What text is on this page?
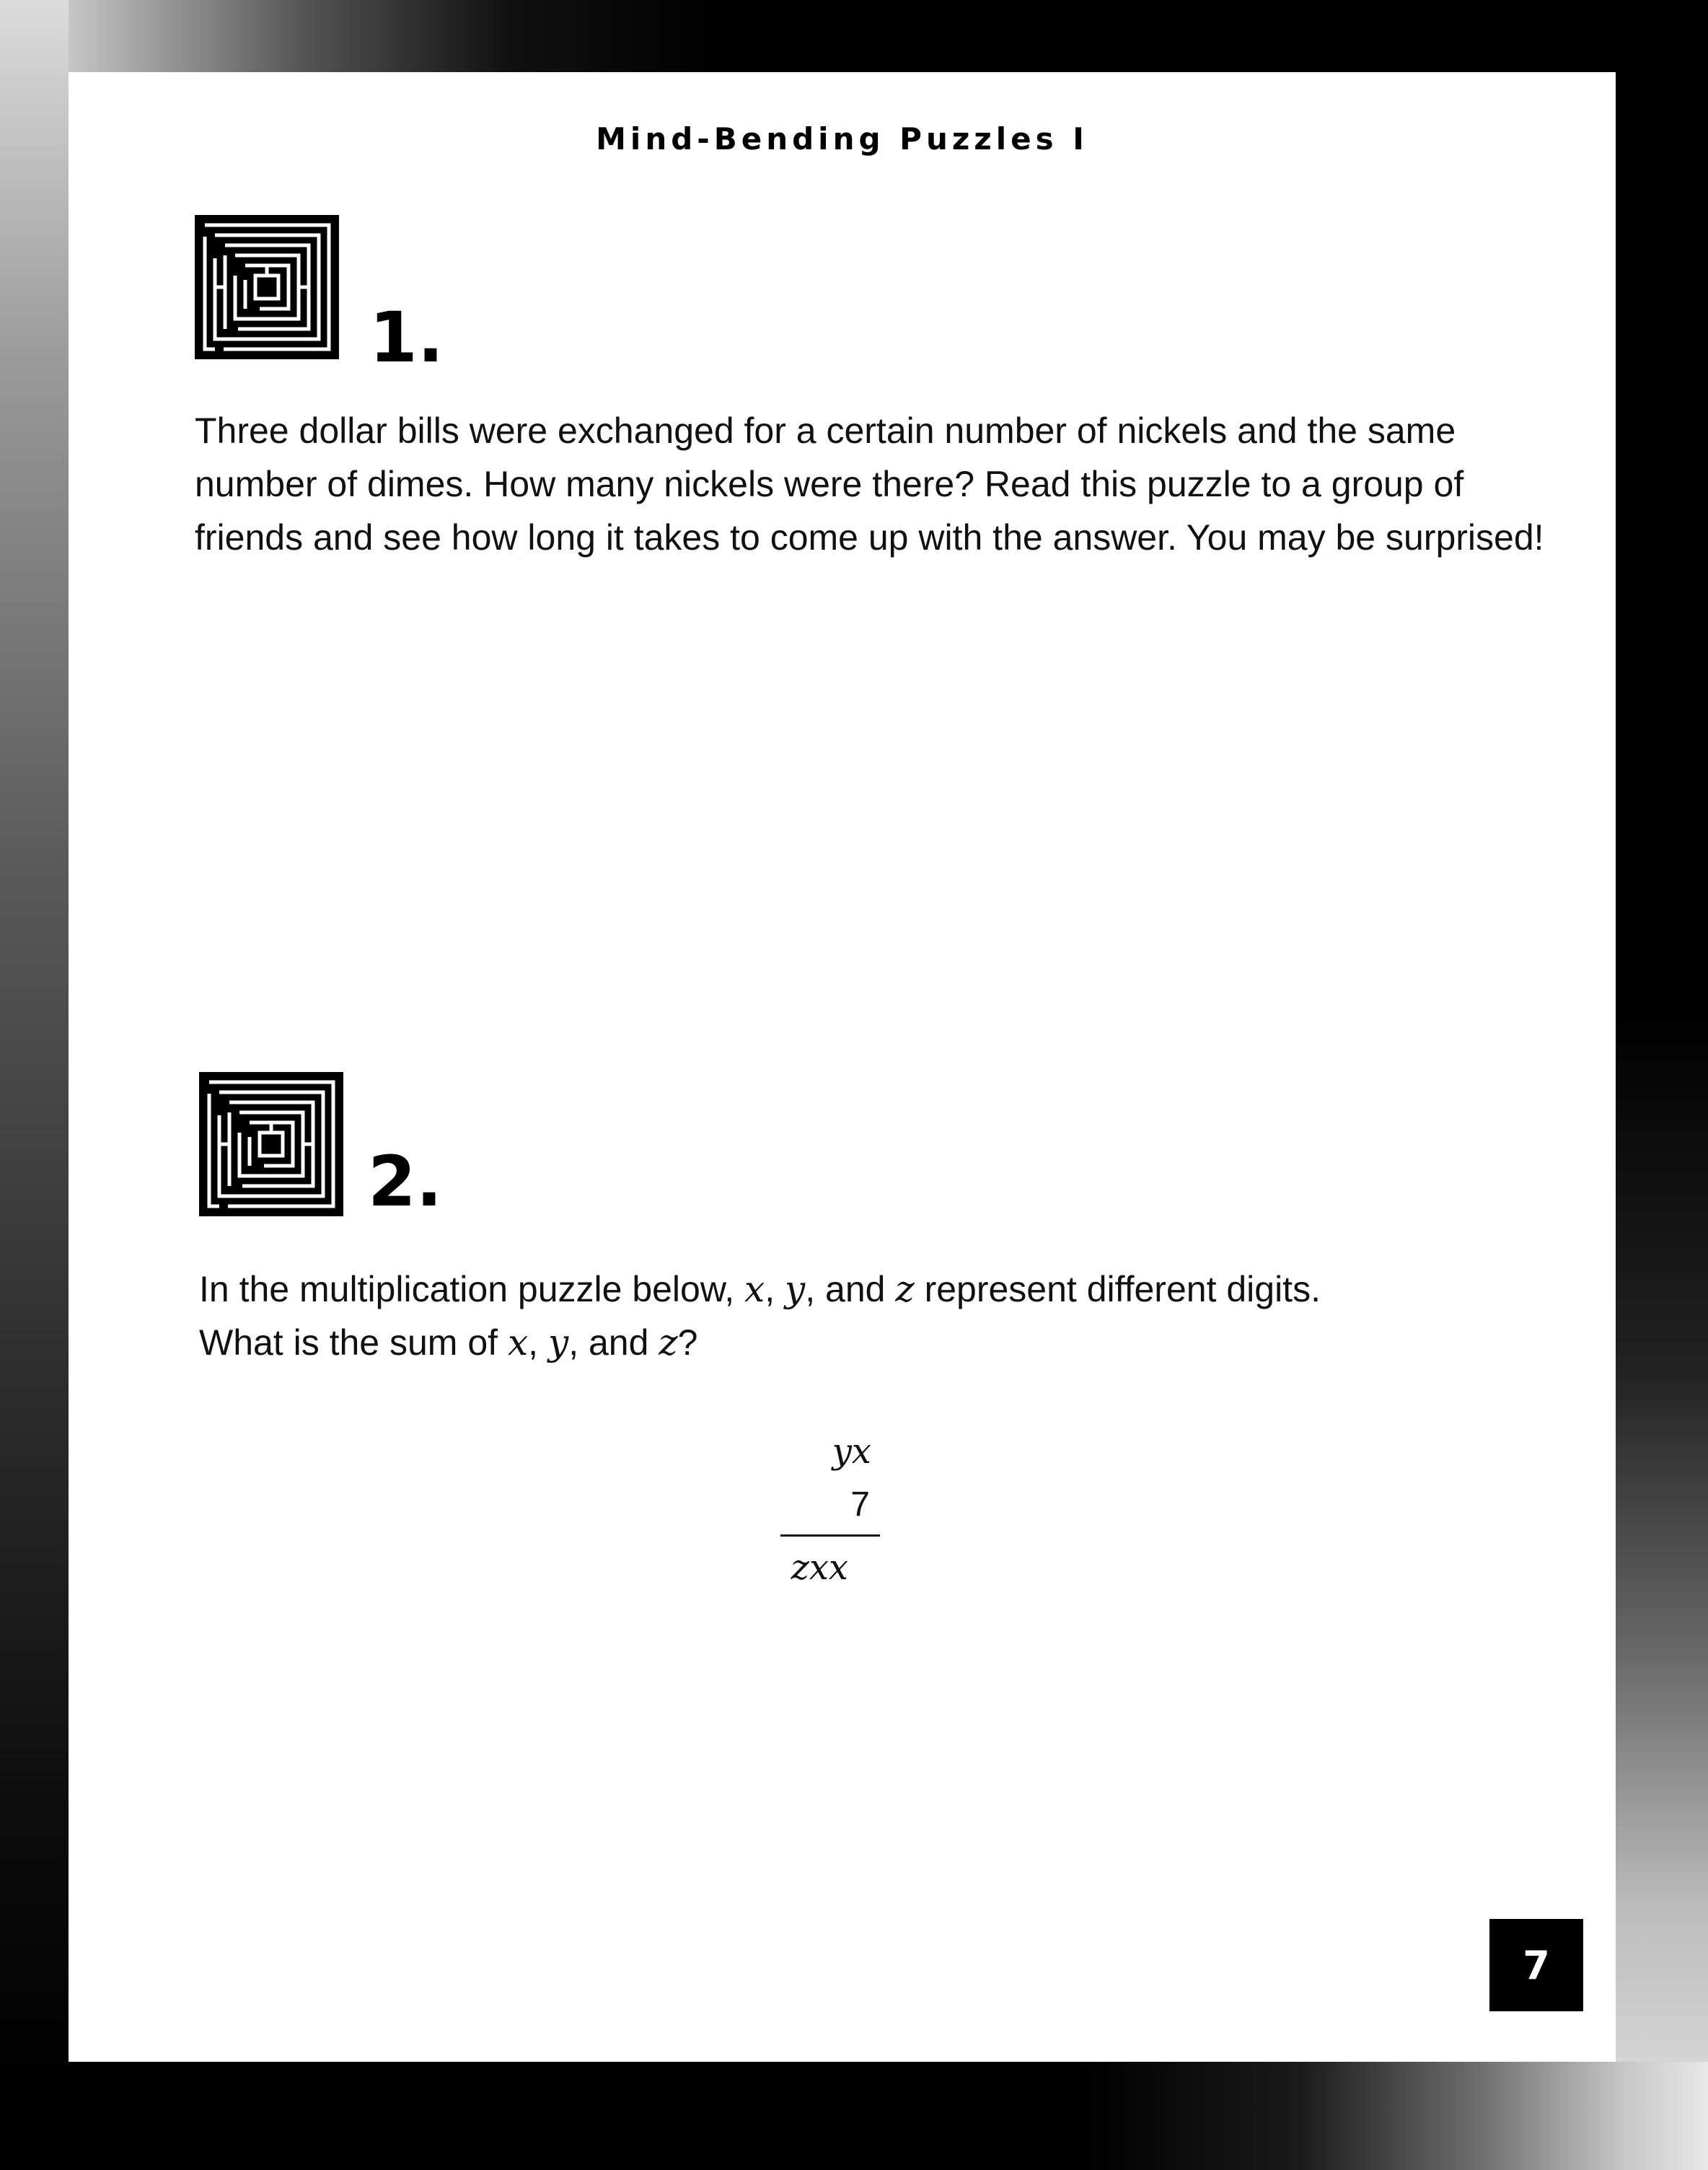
Mind-Bending Puzzles I
1.
Three dollar bills were exchanged for a certain number of nickels and the same number of dimes. How many nickels were there? Read this puzzle to a group of friends and see how long it takes to come up with the answer. You may be surprised!
2.
In the multiplication puzzle below, x, y, and z represent different digits.
What is the sum of x, y, and z?
yx
7
zxx
7
